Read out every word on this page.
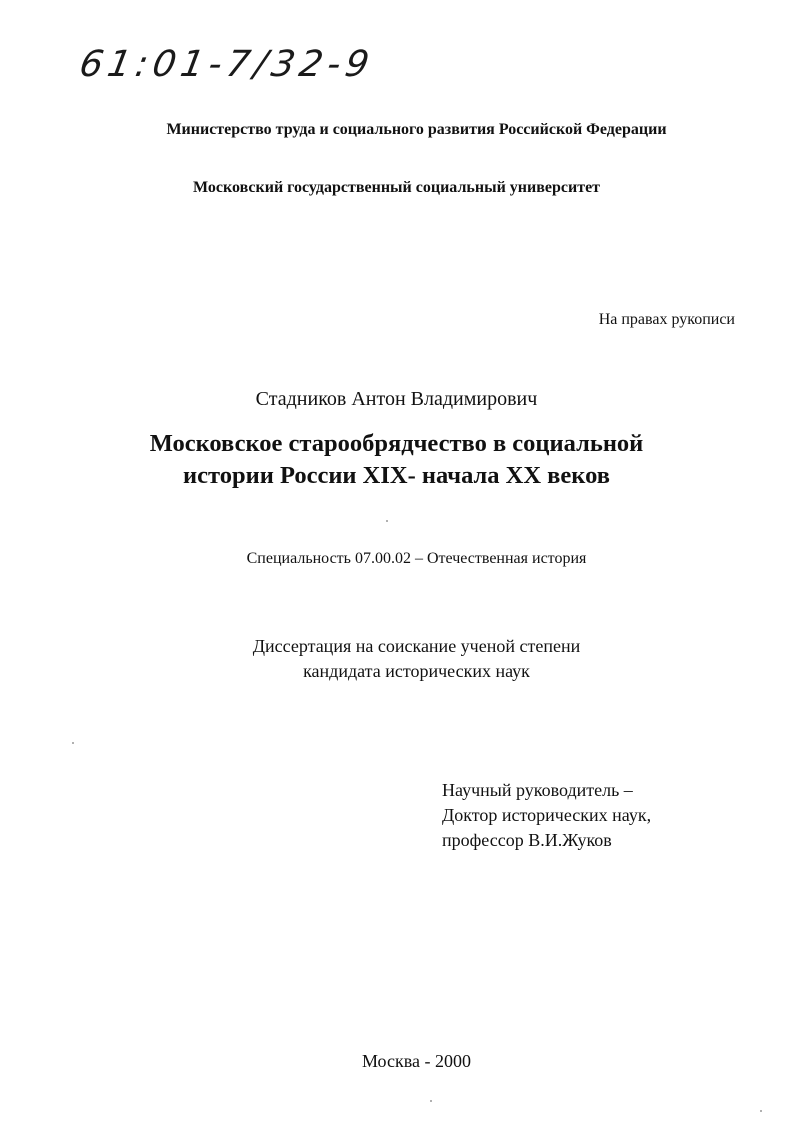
61:01-7/32-9
Министерство труда и социального развития Российской Федерации
Московский государственный социальный университет
На правах рукописи
Стадников Антон Владимирович
Московское старообрядчество в социальной
истории России XIX- начала XX веков
Специальность 07.00.02 – Отечественная история
Диссертация на соискание ученой степени
кандидата исторических наук
Научный руководитель –
Доктор исторических наук,
профессор В.И.Жуков
Москва - 2000
